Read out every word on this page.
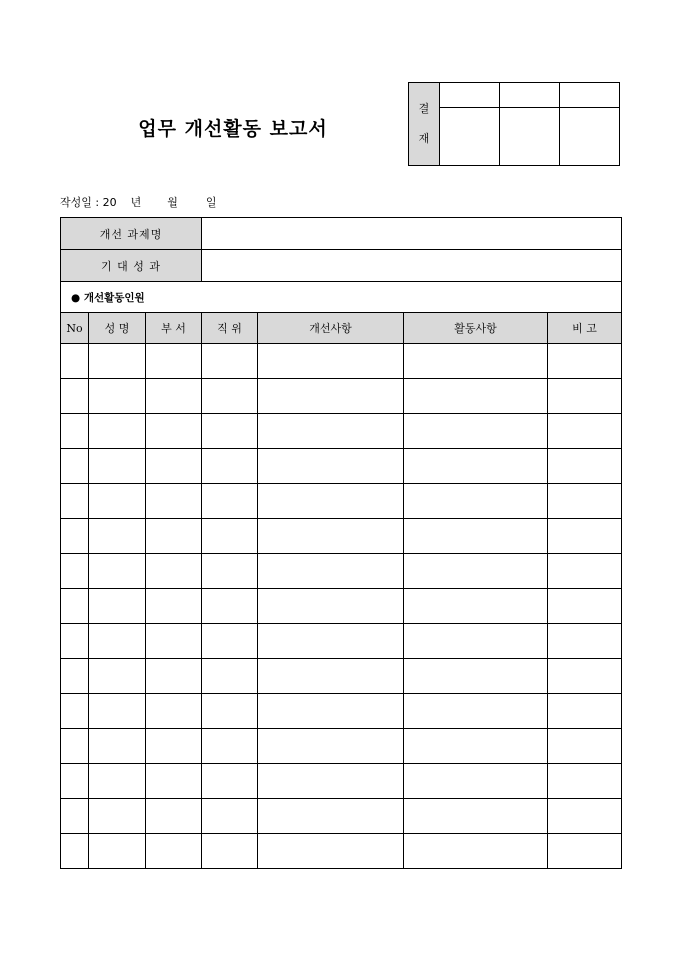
업무 개선활동 보고서
결
재			

작성일 : 20 년 월	일
개선 과제명						
기 대 성 과						
● 개선활동인원						
No	성 명	부 서	직 위	개선사항	활동사항	비 고
